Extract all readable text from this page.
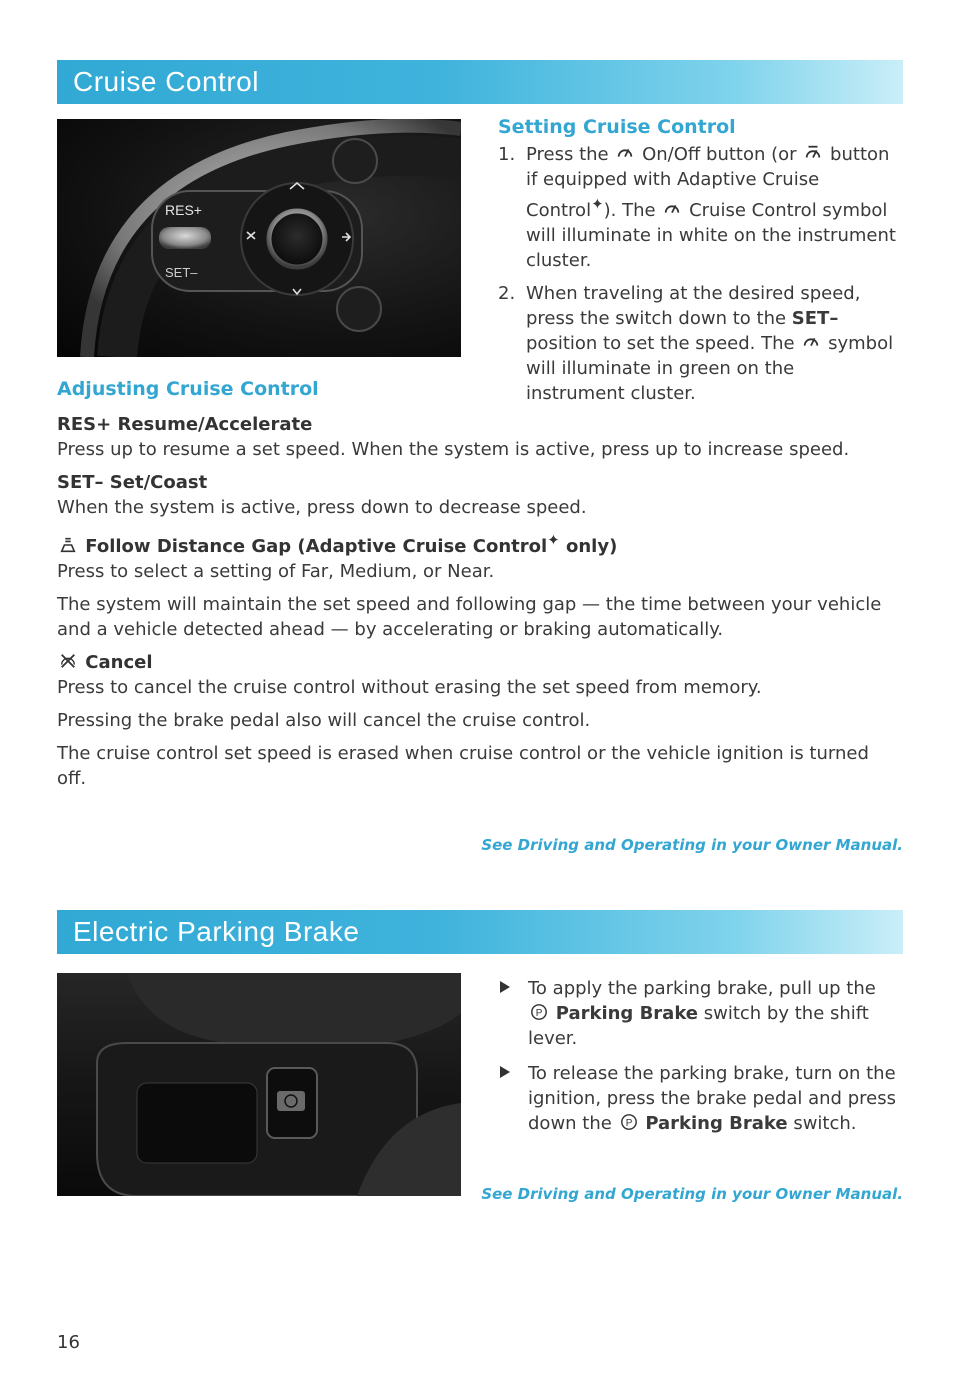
Cruise Control
RES+
SET–
Setting Cruise Control
1. Press the On/Off button (or button if equipped with Adaptive Cruise Control✦). The Cruise Control symbol will illuminate in white on the instrument cluster.
2. When traveling at the desired speed, press the switch down to the SET– position to set the speed. The symbol will illuminate in green on the instrument cluster.
Adjusting Cruise Control
RES+ Resume/Accelerate
Press up to resume a set speed. When the system is active, press up to increase speed.
SET– Set/Coast
When the system is active, press down to decrease speed.
Follow Distance Gap (Adaptive Cruise Control✦ only)
Press to select a setting of Far, Medium, or Near.
The system will maintain the set speed and following gap — the time between your vehicle and a vehicle detected ahead — by accelerating or braking automatically.
Cancel
Press to cancel the cruise control without erasing the set speed from memory.
Pressing the brake pedal also will cancel the cruise control.
The cruise control set speed is erased when cruise control or the vehicle ignition is turned off.
See Driving and Operating in your Owner Manual.
Electric Parking Brake
To apply the parking brake, pull up the
P Parking Brake switch by the shift lever.
To release the parking brake, turn on the ignition, press the brake pedal and press down the P Parking Brake switch.
See Driving and Operating in your Owner Manual.
16
